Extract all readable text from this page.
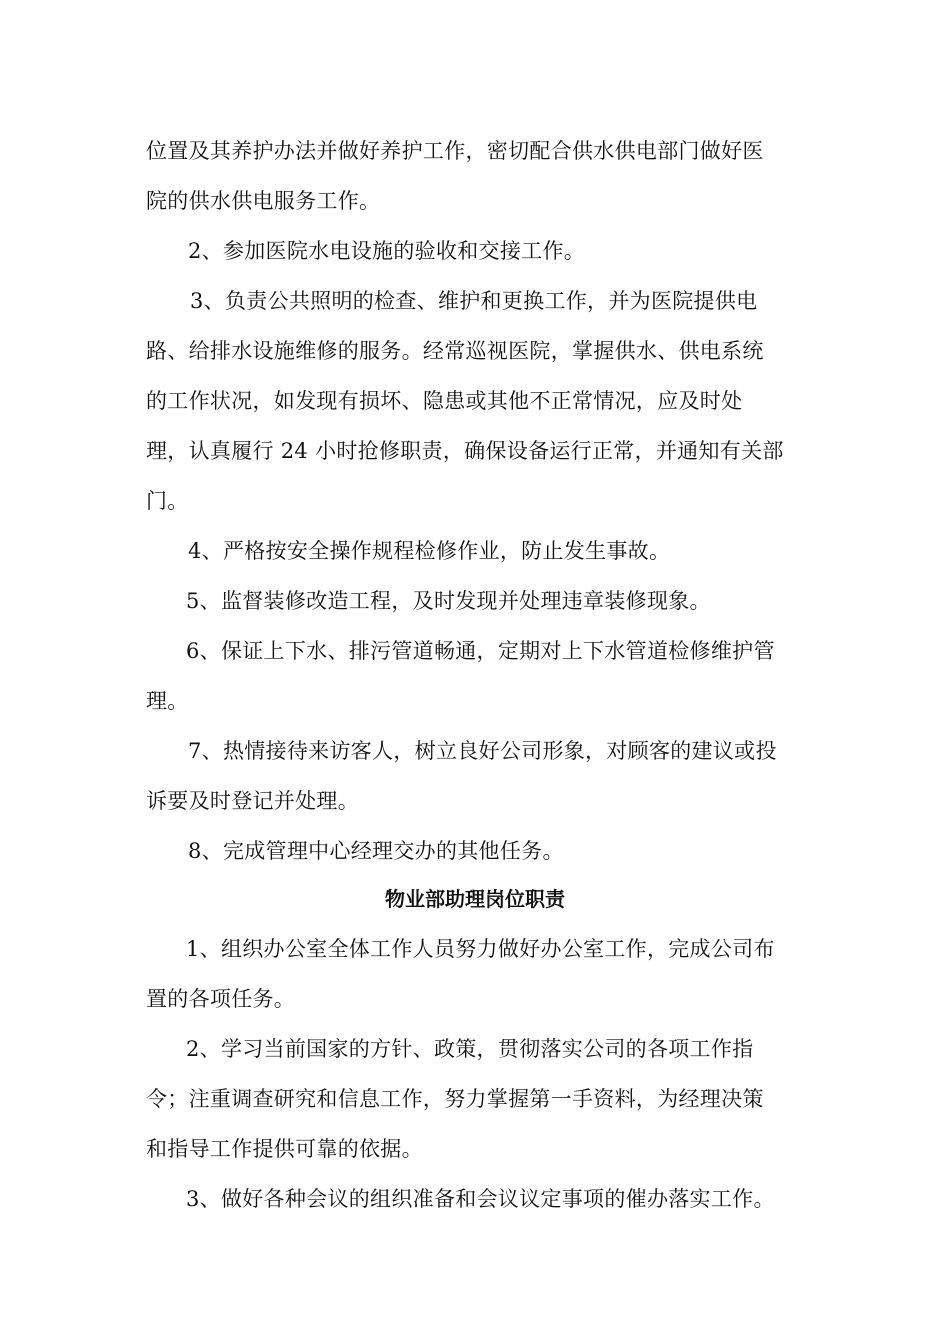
位置及其养护办法并做好养护工作，密切配合供水供电部门做好医
院的供水供电服务工作。
2、参加医院水电设施的验收和交接工作。
3、负责公共照明的检查、维护和更换工作，并为医院提供电
路、给排水设施维修的服务。经常巡视医院，掌握供水、供电系统
的工作状况，如发现有损坏、隐患或其他不正常情况，应及时处
理，认真履行 24 小时抢修职责，确保设备运行正常，并通知有关部
门。
4、严格按安全操作规程检修作业，防止发生事故。
5、监督装修改造工程，及时发现并处理违章装修现象。
6、保证上下水、排污管道畅通，定期对上下水管道检修维护管
理。
7、热情接待来访客人，树立良好公司形象，对顾客的建议或投
诉要及时登记并处理。
8、完成管理中心经理交办的其他任务。
物业部助理岗位职责
1、组织办公室全体工作人员努力做好办公室工作，完成公司布
置的各项任务。
2、学习当前国家的方针、政策，贯彻落实公司的各项工作指
令；注重调查研究和信息工作，努力掌握第一手资料，为经理决策
和指导工作提供可靠的依据。
3、做好各种会议的组织准备和会议议定事项的催办落实工作。
